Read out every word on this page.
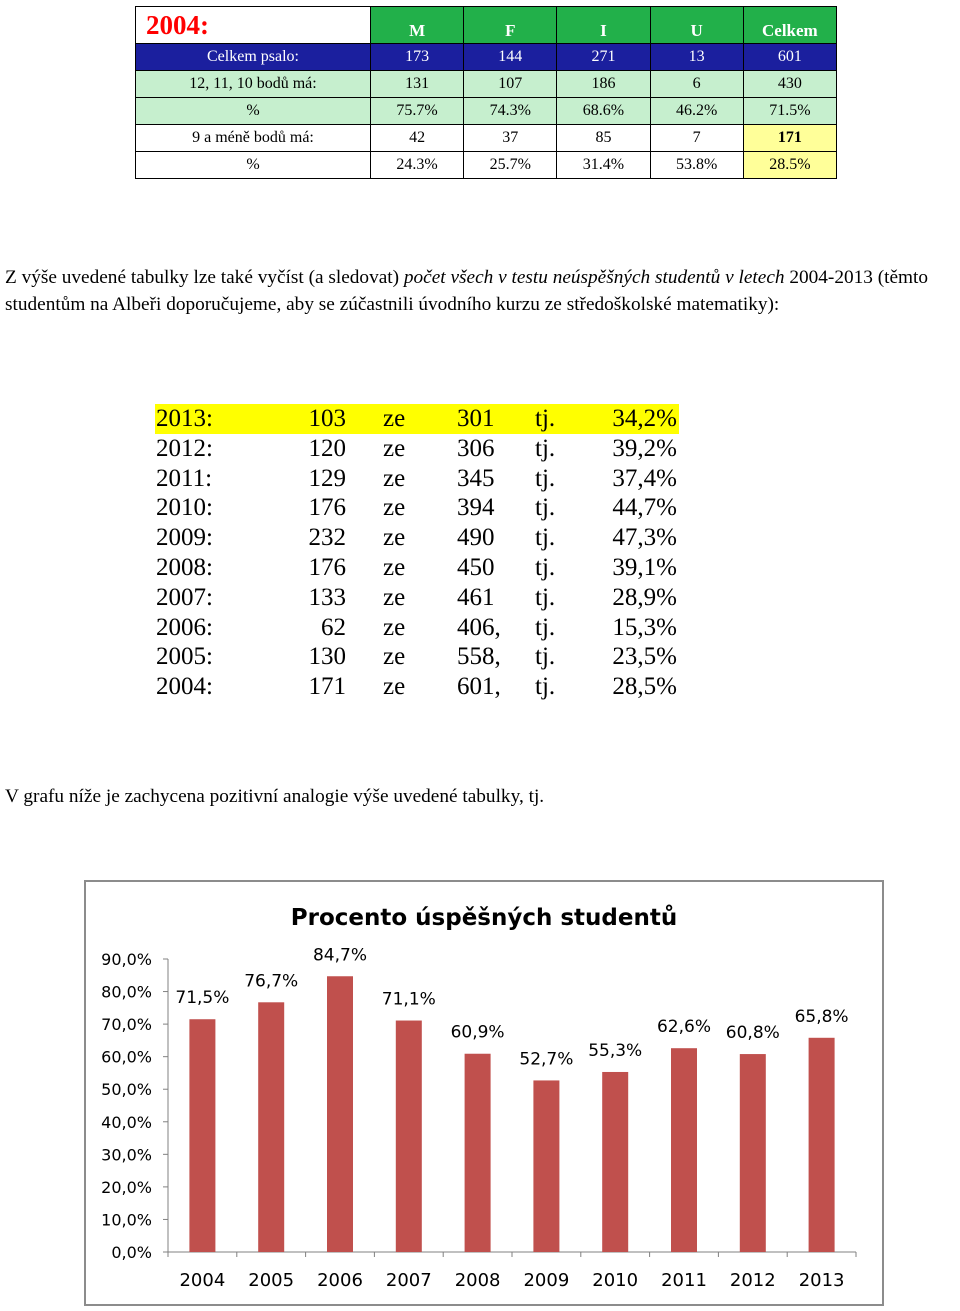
2004:	M	F	I	U	Celkem
Celkem psalo:	173	144	271	13	601
12, 11, 10 bodů má:	131	107	186	6	430
%	75.7%	74.3%	68.6%	46.2%	71.5%
9 a méně bodů má:	42	37	85	7	171
%	24.3%	25.7%	31.4%	53.8%	28.5%

Z výše uvedené tabulky lze také vyčíst (a sledovat) počet všech v testu neúspěšných studentů v letech 2004-2013 (těmto studentům na Albeři doporučujeme, aby se zúčastnili úvodního kurzu ze středoškolské matematiky):

2013:	103 ze 301 tj. 34,2%
2012:	120 ze 306 tj. 39,2%
2011:	129 ze 345 tj. 37,4%
2010:	176 ze 394 tj. 44,7%
2009:	232 ze 490 tj. 47,3%
2008:	176 ze 450 tj. 39,1%
2007:	133 ze 461 tj. 28,9%
2006:	62 ze 406, tj. 15,3%
2005:	130 ze 558, tj. 23,5%
2004:	171 ze 601, tj. 28,5%

V grafu níže je zachycena pozitivní analogie výše uvedené tabulky, tj.

Procento úspěšných studentů
0,0%
10,0%
20,0%
30,0%
40,0%
50,0%
60,0%
70,0%
80,0%
90,0%
71,5%
2004
76,7%
2005
84,7%
2006
71,1%
2007
60,9%
2008
52,7%
2009
55,3%
2010
62,6%
2011
60,8%
2012
65,8%
2013
